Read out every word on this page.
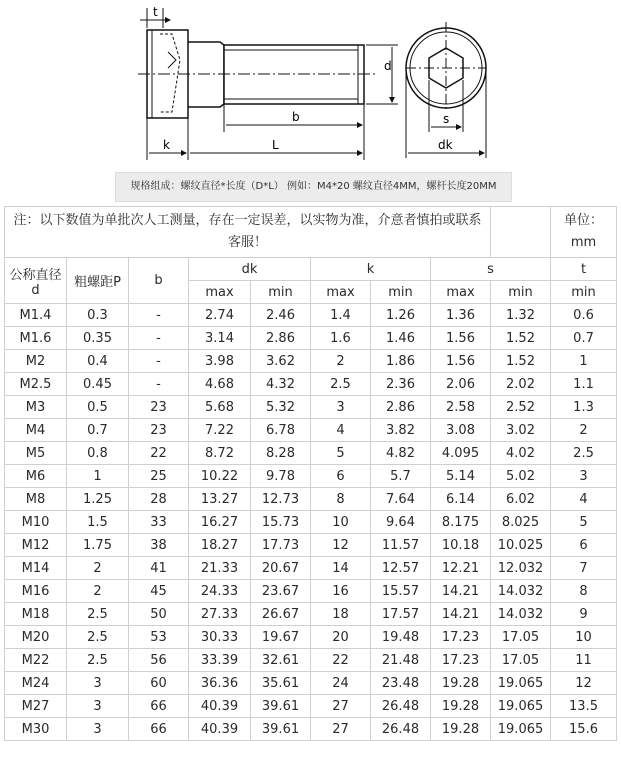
t
k	L
b
d
s
dk
规格组成：螺纹直径*长度（D*L） 例如：M4*20 螺纹直径4MM，螺杆长度20MM
注：以下数值为单批次人工测量，存在一定误差，以实物为准，介意者慎拍或联系客服！									单位：mm
公称直径
d	粗螺距P	b	dk		k		s		t
			max	min	max	min	max	min	min
M1.4	0.3	-	2.74	2.46	1.4	1.26	1.36	1.32	0.6
M1.6	0.35	-	3.14	2.86	1.6	1.46	1.56	1.52	0.7
M2	0.4	-	3.98	3.62	2	1.86	1.56	1.52	1
M2.5	0.45	-	4.68	4.32	2.5	2.36	2.06	2.02	1.1
M3	0.5	23	5.68	5.32	3	2.86	2.58	2.52	1.3
M4	0.7	23	7.22	6.78	4	3.82	3.08	3.02	2
M5	0.8	22	8.72	8.28	5	4.82	4.095	4.02	2.5
M6	1	25	10.22	9.78	6	5.7	5.14	5.02	3
M8	1.25	28	13.27	12.73	8	7.64	6.14	6.02	4
M10	1.5	33	16.27	15.73	10	9.64	8.175	8.025	5
M12	1.75	38	18.27	17.73	12	11.57	10.18	10.025	6
M14	2	41	21.33	20.67	14	12.57	12.21	12.032	7
M16	2	45	24.33	23.67	16	15.57	14.21	14.032	8
M18	2.5	50	27.33	26.67	18	17.57	14.21	14.032	9
M20	2.5	53	30.33	19.67	20	19.48	17.23	17.05	10
M22	2.5	56	33.39	32.61	22	21.48	17.23	17.05	11
M24	3	60	36.36	35.61	24	23.48	19.28	19.065	12
M27	3	66	40.39	39.61	27	26.48	19.28	19.065	13.5
M30	3	66	40.39	39.61	27	26.48	19.28	19.065	15.6
